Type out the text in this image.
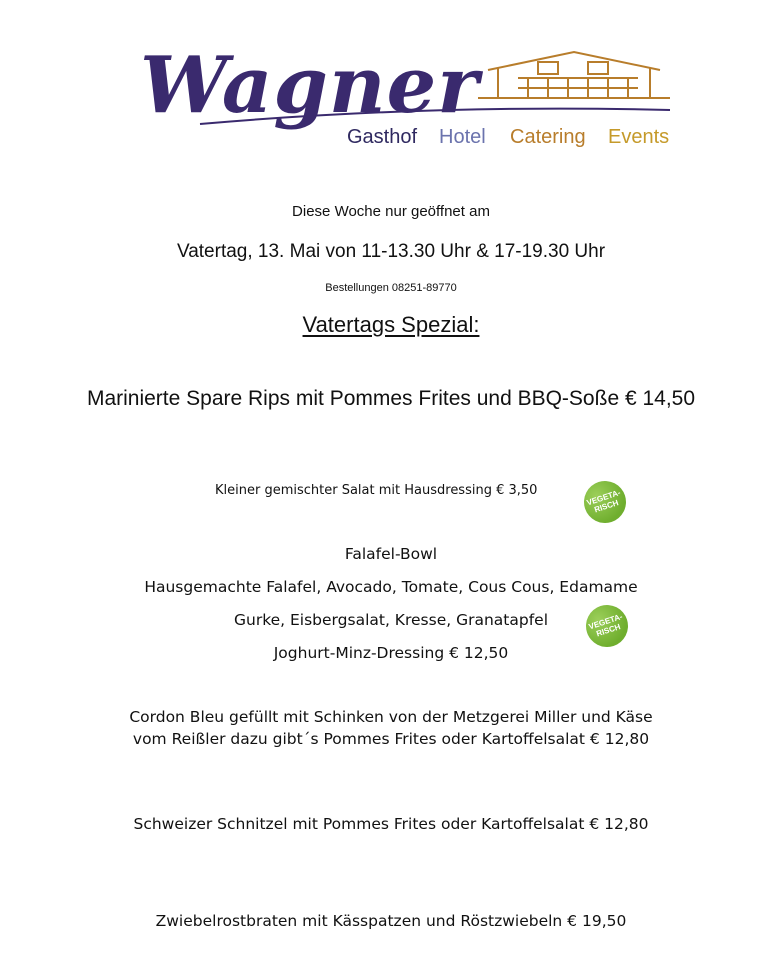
Wagner
Gasthof Hotel Catering Events
Diese Woche nur geöffnet am
Vatertag, 13. Mai von 11-13.30 Uhr & 17-19.30 Uhr
Bestellungen 08251-89770
Vatertags Spezial:
Marinierte Spare Rips mit Pommes Frites und BBQ-Soße € 14,50
Kleiner gemischter Salat mit Hausdressing € 3,50	VEGETA-
RISCH
Falafel-Bowl
Hausgemachte Falafel, Avocado, Tomate, Cous Cous, Edamame
Gurke, Eisbergsalat, Kresse, Granatapfel
Joghurt-Minz-Dressing € 12,50
VEGETA-
RISCH
Cordon Bleu gefüllt mit Schinken von der Metzgerei Miller und Käse
vom Reißler dazu gibt´s Pommes Frites oder Kartoffelsalat € 12,80
Schweizer Schnitzel mit Pommes Frites oder Kartoffelsalat € 12,80
Zwiebelrostbraten mit Kässpatzen und Röstzwiebeln € 19,50
